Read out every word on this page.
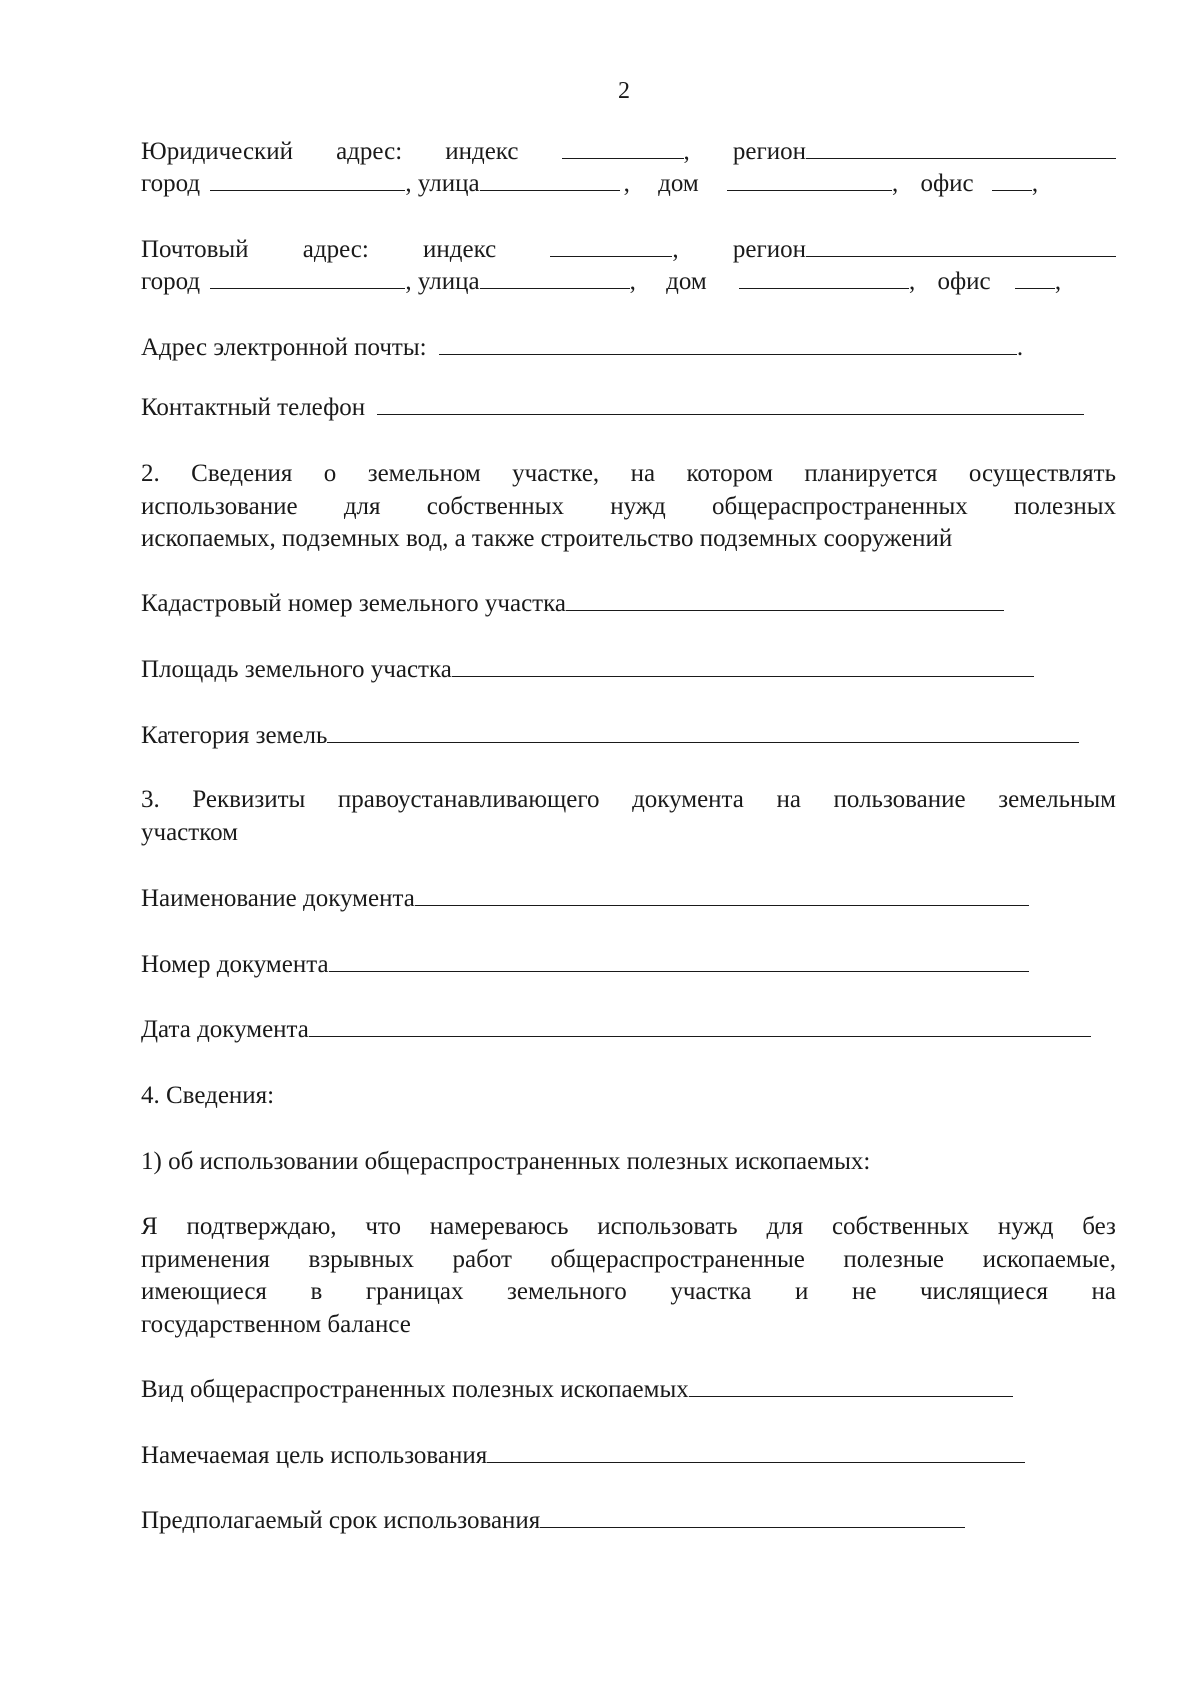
2
Юридический адрес: индекс	, регион
город	, улица	, дом	, офис ,
Почтовый адрес: индекс	, регион
город	, улица	, дом	, офис	,
Адрес электронной почты:	.
Контактный телефон
2. Сведения о земельном участке, на котором планируется осуществлять
использование для собственных нужд общераспространенных полезных
ископаемых, подземных вод, а также строительство подземных сооружений
Кадастровый номер земельного участка
Площадь земельного участка
Категория земель
3. Реквизиты правоустанавливающего документа на пользование земельным
участком
Наименование документа
Номер документа
Дата документа
4. Сведения:
1) об использовании общераспространенных полезных ископаемых:
Я подтверждаю, что намереваюсь использовать для собственных нужд без
применения взрывных работ общераспространенные полезные ископаемые,
имеющиеся в границах земельного участка и не числящиеся на
государственном балансе
Вид общераспространенных полезных ископаемых
Намечаемая цель использования
Предполагаемый срок использования
